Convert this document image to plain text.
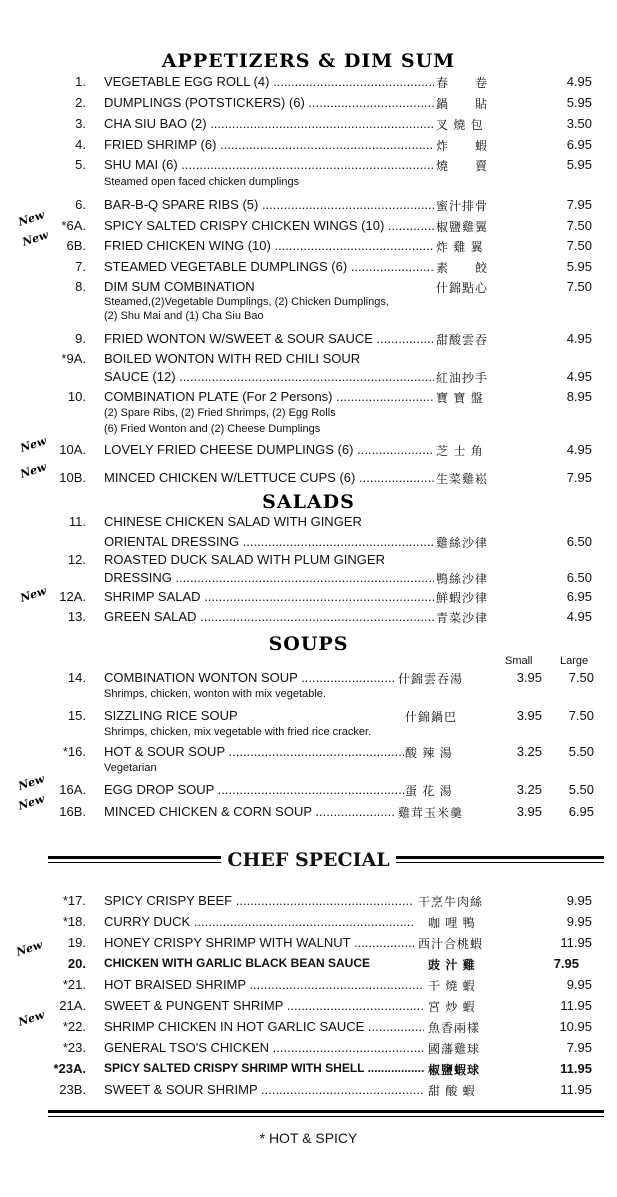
APPETIZERS & DIM SUM
1. VEGETABLE EGG ROLL (4) .....	春　　卷	4.95
2. DUMPLINGS (POTSTICKERS) (6) .....	鍋　　貼	5.95
3. CHA SIU BAO (2) .....	叉 燒 包	3.50
4. FRIED SHRIMP (6) .....	炸　　蝦	6.95
5. SHU MAI (6) .....	燒　　賣	5.95
Steamed open faced chicken dumplings
6. BAR-B-Q SPARE RIBS (5) .....	蜜汁排骨	7.95
*6A. SPICY SALTED CRISPY CHICKEN WINGS (10) .....	椒鹽雞翼	7.50
6B. FRIED CHICKEN WING (10) .....	炸 雞 翼	7.50
7. STEAMED VEGETABLE DUMPLINGS (6) .....	素　　餃	5.95
8. DIM SUM COMBINATION	什錦點心	7.50
Steamed,(2)Vegetable Dumplings, (2) Chicken Dumplings,
(2) Shu Mai and (1) Cha Siu Bao
9. FRIED WONTON W/SWEET & SOUR SAUCE .....	甜酸雲吞	4.95
*9A. BOILED WONTON WITH RED CHILI SOUR
SAUCE (12) .....	紅油抄手	4.95
10. COMBINATION PLATE (For 2 Persons) .....	寶 寶 盤	8.95
(2) Spare Ribs, (2) Fried Shrimps, (2) Egg Rolls
(6) Fried Wonton and (2) Cheese Dumplings
10A. LOVELY FRIED CHEESE DUMPLINGS (6) .....	芝 士 角	4.95
10B. MINCED CHICKEN W/LETTUCE CUPS (6) .....	生菜雞崧	7.95
SALADS
11. CHINESE CHICKEN SALAD WITH GINGER
ORIENTAL DRESSING .....	雞絲沙律	6.50
12. ROASTED DUCK SALAD WITH PLUM GINGER
DRESSING .....	鴨絲沙律	6.50
12A. SHRIMP SALAD .....	鮮蝦沙律	6.95
13. GREEN SALAD .....	青菜沙律	4.95
SOUPS
Small Large
14. COMBINATION WONTON SOUP .....	什錦雲吞湯	3.95	7.50
Shrimps, chicken, wonton with mix vegetable.
15. SIZZLING RICE SOUP	什錦鍋巴	3.95	7.50
Shrimps, chicken, mix vegetable with fried rice cracker.
*16. HOT & SOUR SOUP .....	酸 辣 湯	3.25	5.50
Vegetarian
16A. EGG DROP SOUP .....	蛋 花 湯	3.25	5.50
16B. MINCED CHICKEN & CORN SOUP .....	雞茸玉米羹	3.95	6.95
CHEF SPECIAL
*17. SPICY CRISPY BEEF .....	干烹牛肉絲	9.95
*18. CURRY DUCK .....	咖 哩 鴨	9.95
19. HONEY CRISPY SHRIMP WITH WALNUT .....	西汁合桃蝦	11.95
20. CHICKEN WITH GARLIC BLACK BEAN SAUCE	豉 汁 雞	7.95
*21. HOT BRAISED SHRIMP .....	干 燒 蝦	9.95
21A. SWEET & PUNGENT SHRIMP .....	宮 炒 蝦	11.95
*22. SHRIMP CHICKEN IN HOT GARLIC SAUCE .....	魚香兩樣	10.95
*23. GENERAL TSO'S CHICKEN .....	國藩雞球	7.95
*23A. SPICY SALTED CRISPY SHRIMP WITH SHELL .....	椒鹽蝦球	11.95
23B. SWEET & SOUR SHRIMP .....	甜 酸 蝦	11.95
* HOT & SPICY
New
New
New
New
New
New
New
New
New
